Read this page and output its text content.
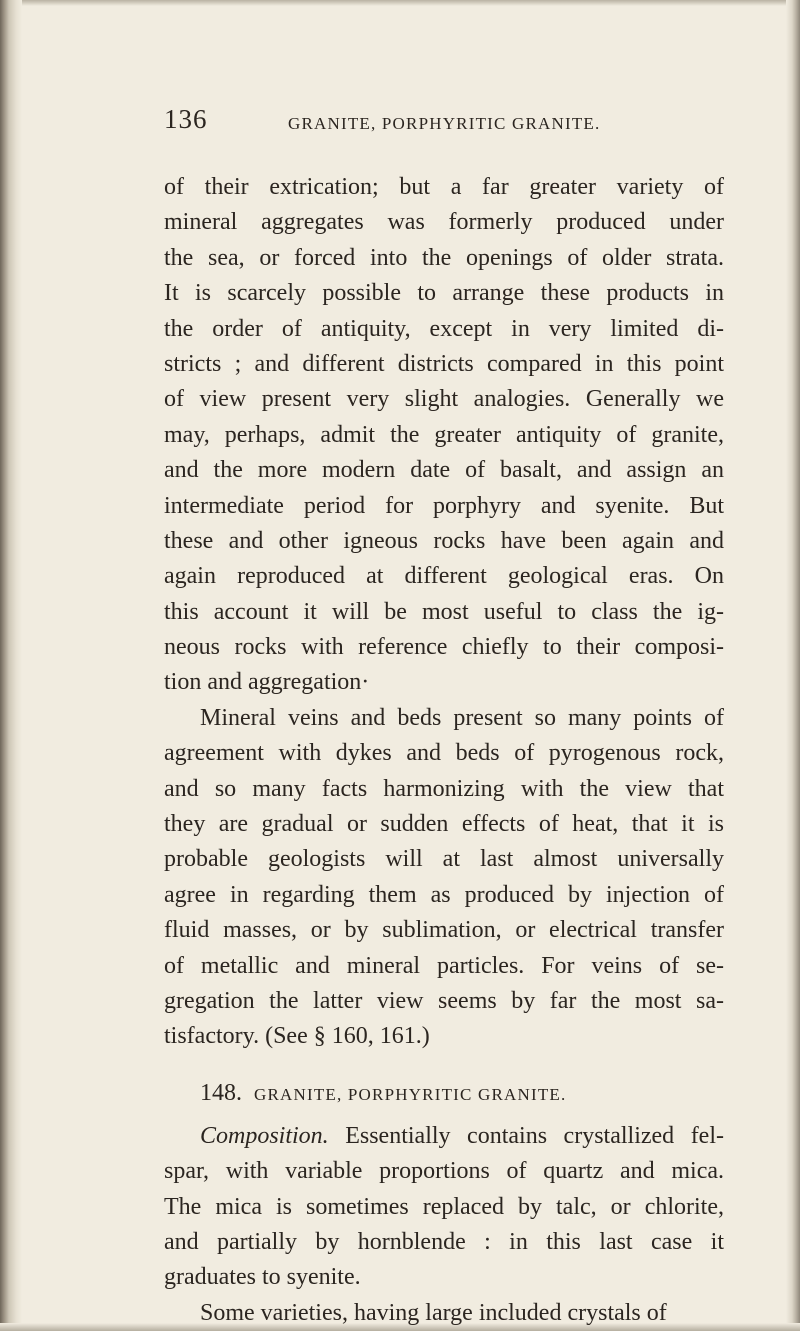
136	GRANITE, PORPHYRITIC GRANITE.
of their extrication; but a far greater variety of
mineral aggregates was formerly produced under
the sea, or forced into the openings of older strata.
It is scarcely possible to arrange these products in
the order of antiquity, except in very limited di-
stricts ; and different districts compared in this point
of view present very slight analogies. Generally we
may, perhaps, admit the greater antiquity of granite,
and the more modern date of basalt, and assign an
intermediate period for porphyry and syenite. But
these and other igneous rocks have been again and
again reproduced at different geological eras. On
this account it will be most useful to class the ig-
neous rocks with reference chiefly to their composi-
tion and aggregation·
Mineral veins and beds present so many points of
agreement with dykes and beds of pyrogenous rock,
and so many facts harmonizing with the view that
they are gradual or sudden effects of heat, that it is
probable geologists will at last almost universally
agree in regarding them as produced by injection of
fluid masses, or by sublimation, or electrical transfer
of metallic and mineral particles. For veins of se-
gregation the latter view seems by far the most sa-
tisfactory. (See § 160, 161.)
148. GRANITE, PORPHYRITIC GRANITE.
Composition. Essentially contains crystallized fel-
spar, with variable proportions of quartz and mica.
The mica is sometimes replaced by talc, or chlorite,
and partially by hornblende : in this last case it
graduates to syenite.
Some varieties, having large included crystals of
